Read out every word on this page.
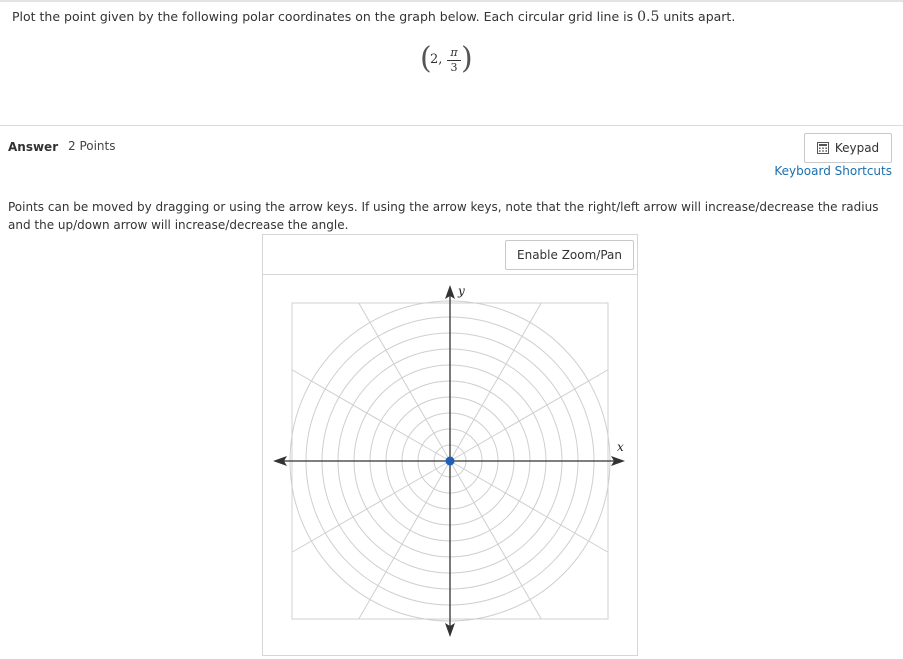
Plot the point given by the following polar coordinates on the graph below. Each circular grid line is 0.5 units apart.
(
2, π
3 )
Answer 2 Points	Keypad
Keyboard Shortcuts
Points can be moved by dragging or using the arrow keys. If using the arrow keys, note that the right/left arrow will increase/decrease the radius and the up/down arrow will increase/decrease the angle.
Enable Zoom/Pan
x
y
